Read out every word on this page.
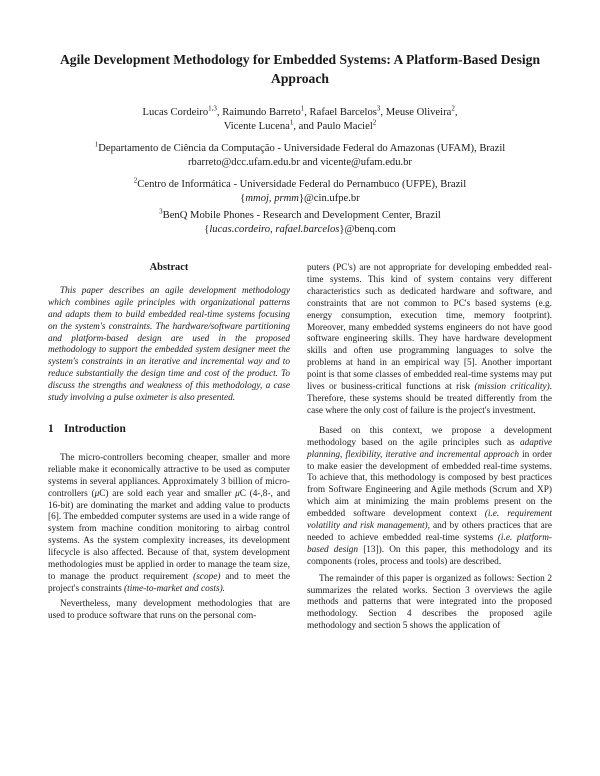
Agile Development Methodology for Embedded Systems: A Platform-Based Design Approach
Lucas Cordeiro$^{1,3}$, Raimundo Barreto$^1$, Rafael Barcelos$^3$, Meuse Oliveira$^2$,
Vicente Lucena$^1$, and Paulo Maciel$^2$
$^1$Departamento de Ciência da Computação - Universidade Federal do Amazonas (UFAM), Brazil
rbarreto@dcc.ufam.edu.br and vicente@ufam.edu.br
$^2$Centro de Informática - Universidade Federal do Pernambuco (UFPE), Brazil
{mmoj, prmm}@cin.ufpe.br
$^3$BenQ Mobile Phones - Research and Development Center, Brazil
{lucas.cordeiro, rafael.barcelos}@benq.com
Abstract

This paper describes an agile development methodology which combines agile principles with organizational patterns and adapts them to build embedded real-time systems focusing on the system's constraints. The hardware/software partitioning and platform-based design are used in the proposed methodology to support the embedded system designer meet the system's constraints in an iterative and incremental way and to reduce substantially the design time and cost of the product. To discuss the strengths and weakness of this methodology, a case study involving a pulse oximeter is also presented.

1 Introduction

The micro-controllers becoming cheaper, smaller and more reliable make it economically attractive to be used as computer systems in several appliances. Approximately 3 billion of micro-controllers (μC) are sold each year and smaller μC (4-,8-, and 16-bit) are dominating the market and adding value to products [6]. The embedded computer systems are used in a wide range of system from machine condition monitoring to airbag control systems. As the system complexity increases, its development lifecycle is also affected. Because of that, system development methodologies must be applied in order to manage the team size, to manage the product requirement (scope) and to meet the project's constraints (time-to-market and costs).

Nevertheless, many development methodologies that are used to produce software that runs on the personal com-

puters (PC's) are not appropriate for developing embedded real-time systems. This kind of system contains very different characteristics such as dedicated hardware and software, and constraints that are not common to PC's based systems (e.g. energy consumption, execution time, memory footprint). Moreover, many embedded systems engineers do not have good software engineering skills. They have hardware development skills and often use programming languages to solve the problems at hand in an empirical way [5]. Another important point is that some classes of embedded real-time systems may put lives or business-critical functions at risk (mission criticality). Therefore, these systems should be treated differently from the case where the only cost of failure is the project's investment.

Based on this context, we propose a development methodology based on the agile principles such as adaptive planning, flexibility, iterative and incremental approach in order to make easier the development of embedded real-time systems. To achieve that, this methodology is composed by best practices from Software Engineering and Agile methods (Scrum and XP) which aim at minimizing the main problems present on the embedded software development context (i.e. requirement volatility and risk management), and by others practices that are needed to achieve embedded real-time systems (i.e. platform-based design [13]). On this paper, this methodology and its components (roles, process and tools) are described.

The remainder of this paper is organized as follows: Section 2 summarizes the related works. Section 3 overviews the agile methods and patterns that were integrated into the proposed methodology. Section 4 describes the proposed agile methodology and section 5 shows the application of
